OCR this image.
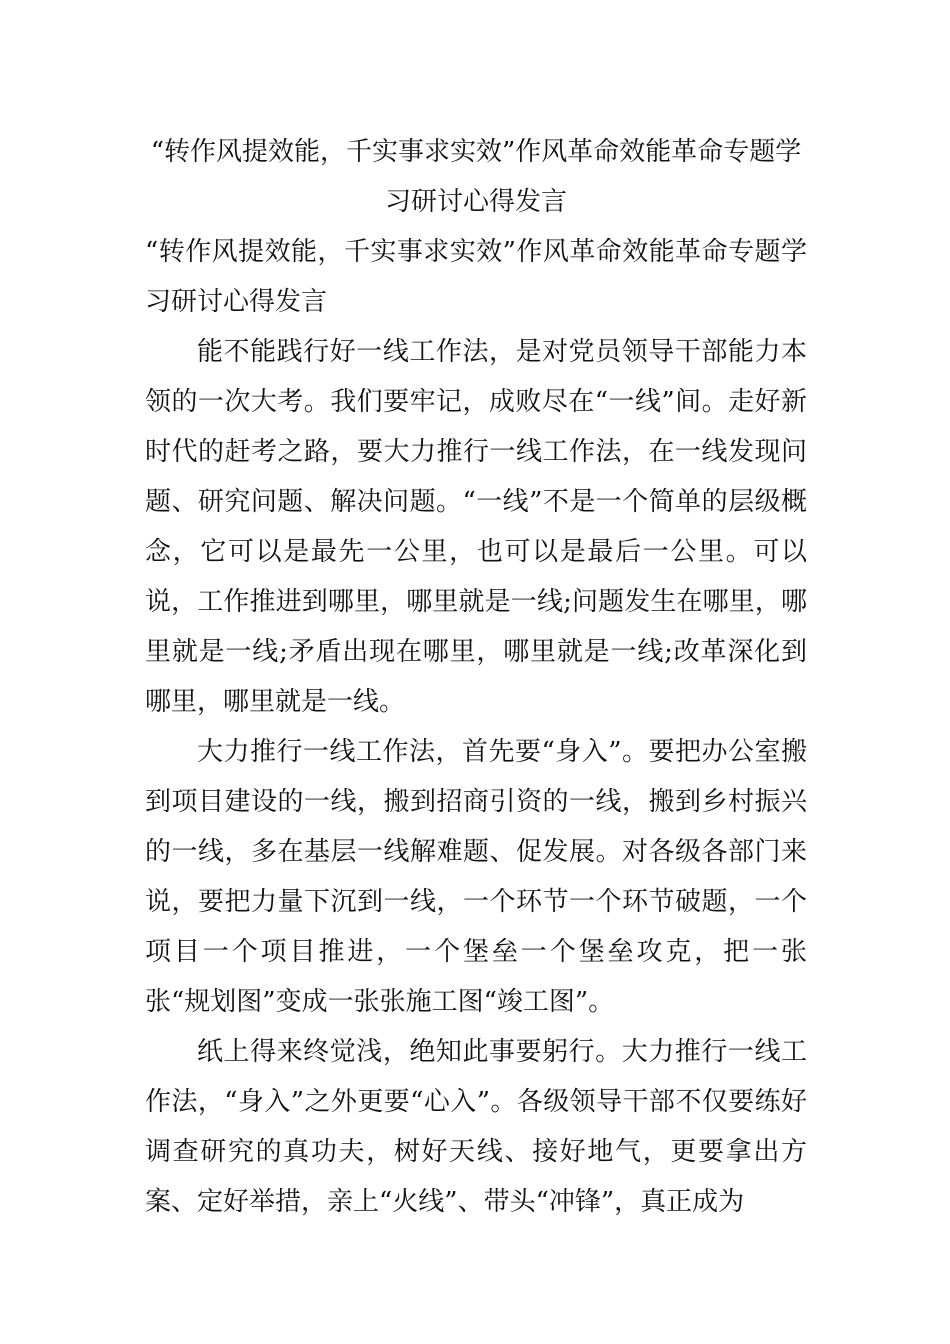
“转作风提效能，千实事求实效”作风革命效能革命专题学习研讨心得发言

“转作风提效能，千实事求实效”作风革命效能革命专题学习研讨心得发言

能不能践行好一线工作法，是对党员领导干部能力本领的一次大考。我们要牢记，成败尽在“一线”间。走好新时代的赶考之路，要大力推行一线工作法，在一线发现问题、研究问题、解决问题。“一线”不是一个简单的层级概念，它可以是最先一公里，也可以是最后一公里。可以说，工作推进到哪里，哪里就是一线;问题发生在哪里，哪里就是一线;矛盾出现在哪里，哪里就是一线;改革深化到哪里，哪里就是一线。

大力推行一线工作法，首先要“身入”。要把办公室搬到项目建设的一线，搬到招商引资的一线，搬到乡村振兴的一线，多在基层一线解难题、促发展。对各级各部门来说，要把力量下沉到一线，一个环节一个环节破题，一个项目一个项目推进，一个堡垒一个堡垒攻克，把一张张“规划图”变成一张张施工图“竣工图”。

纸上得来终觉浅，绝知此事要躬行。大力推行一线工作法，“身入”之外更要“心入”。各级领导干部不仅要练好调查研究的真功夫，树好天线、接好地气，更要拿出方案、定好举措，亲上“火线”、带头“冲锋”，真正成为
